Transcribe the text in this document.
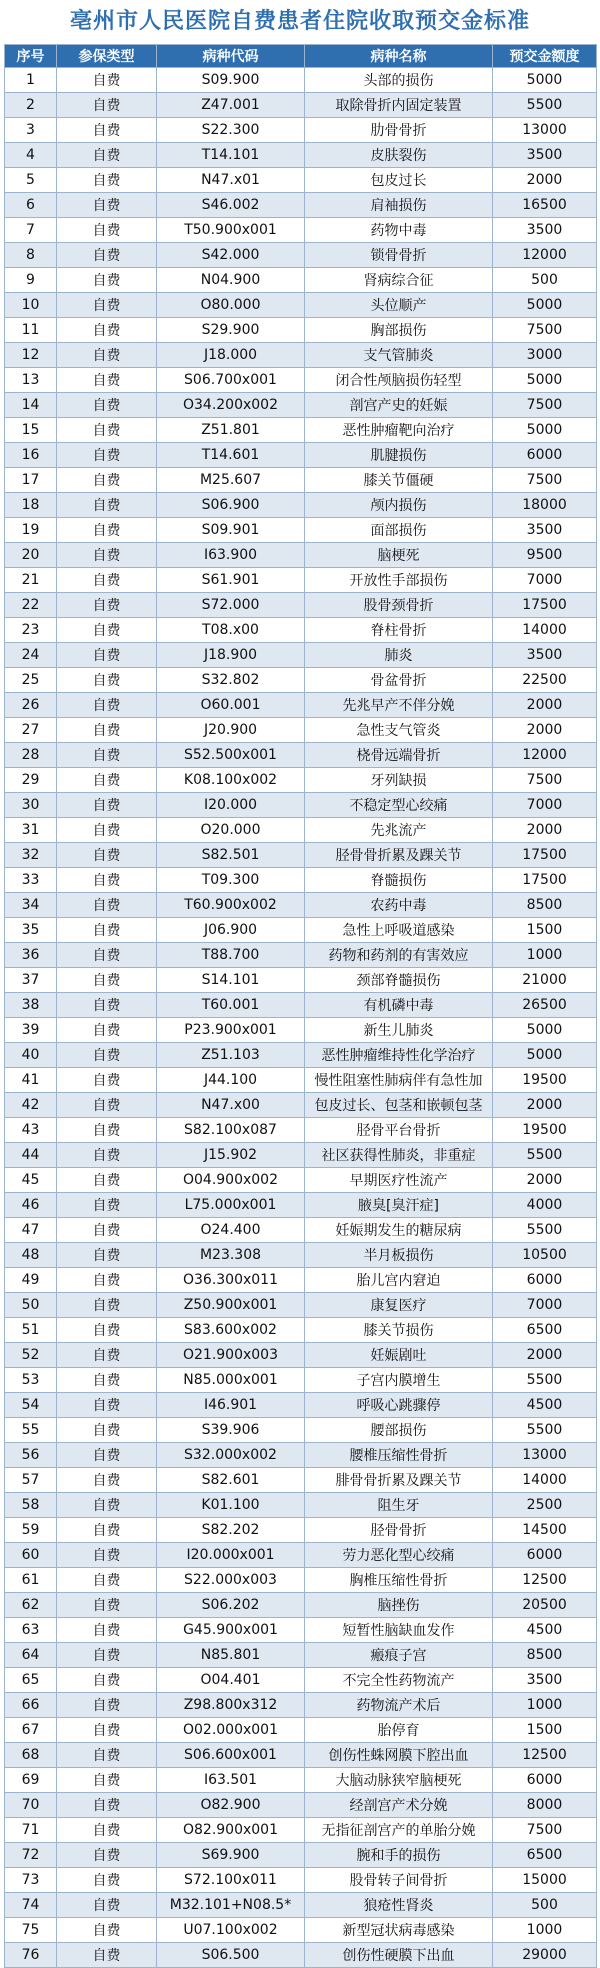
亳州市人民医院自费患者住院收取预交金标准
序号	参保类型	病种代码	病种名称	预交金额度
1	自费	S09.900	头部的损伤	5000
2	自费	Z47.001	取除骨折内固定装置	5500
3	自费	S22.300	肋骨骨折	13000
4	自费	T14.101	皮肤裂伤	3500
5	自费	N47.x01	包皮过长	2000
6	自费	S46.002	肩袖损伤	16500
7	自费	T50.900x001	药物中毒	3500
8	自费	S42.000	锁骨骨折	12000
9	自费	N04.900	肾病综合征	500
10	自费	O80.000	头位顺产	5000
11	自费	S29.900	胸部损伤	7500
12	自费	J18.000	支气管肺炎	3000
13	自费	S06.700x001	闭合性颅脑损伤轻型	5000
14	自费	O34.200x002	剖宫产史的妊娠	7500
15	自费	Z51.801	恶性肿瘤靶向治疗	5000
16	自费	T14.601	肌腱损伤	6000
17	自费	M25.607	膝关节僵硬	7500
18	自费	S06.900	颅内损伤	18000
19	自费	S09.901	面部损伤	3500
20	自费	I63.900	脑梗死	9500
21	自费	S61.901	开放性手部损伤	7000
22	自费	S72.000	股骨颈骨折	17500
23	自费	T08.x00	脊柱骨折	14000
24	自费	J18.900	肺炎	3500
25	自费	S32.802	骨盆骨折	22500
26	自费	O60.001	先兆早产不伴分娩	2000
27	自费	J20.900	急性支气管炎	2000
28	自费	S52.500x001	桡骨远端骨折	12000
29	自费	K08.100x002	牙列缺损	7500
30	自费	I20.000	不稳定型心绞痛	7000
31	自费	O20.000	先兆流产	2000
32	自费	S82.501	胫骨骨折累及踝关节	17500
33	自费	T09.300	脊髓损伤	17500
34	自费	T60.900x002	农药中毒	8500
35	自费	J06.900	急性上呼吸道感染	1500
36	自费	T88.700	药物和药剂的有害效应	1000
37	自费	S14.101	颈部脊髓损伤	21000
38	自费	T60.001	有机磷中毒	26500
39	自费	P23.900x001	新生儿肺炎	5000
40	自费	Z51.103	恶性肿瘤维持性化学治疗	5000
41	自费	J44.100	慢性阻塞性肺病伴有急性加	19500
42	自费	N47.x00	包皮过长、包茎和嵌顿包茎	2000
43	自费	S82.100x087	胫骨平台骨折	19500
44	自费	J15.902	社区获得性肺炎，非重症	5500
45	自费	O04.900x002	早期医疗性流产	2000
46	自费	L75.000x001	腋臭[臭汗症]	4000
47	自费	O24.400	妊娠期发生的糖尿病	5500
48	自费	M23.308	半月板损伤	10500
49	自费	O36.300x011	胎儿宫内窘迫	6000
50	自费	Z50.900x001	康复医疗	7000
51	自费	S83.600x002	膝关节损伤	6500
52	自费	O21.900x003	妊娠剧吐	2000
53	自费	N85.000x001	子宫内膜增生	5500
54	自费	I46.901	呼吸心跳骤停	4500
55	自费	S39.906	腰部损伤	5500
56	自费	S32.000x002	腰椎压缩性骨折	13000
57	自费	S82.601	腓骨骨折累及踝关节	14000
58	自费	K01.100	阻生牙	2500
59	自费	S82.202	胫骨骨折	14500
60	自费	I20.000x001	劳力恶化型心绞痛	6000
61	自费	S22.000x003	胸椎压缩性骨折	12500
62	自费	S06.202	脑挫伤	20500
63	自费	G45.900x001	短暂性脑缺血发作	4500
64	自费	N85.801	瘢痕子宫	8500
65	自费	O04.401	不完全性药物流产	3500
66	自费	Z98.800x312	药物流产术后	1000
67	自费	O02.000x001	胎停育	1500
68	自费	S06.600x001	创伤性蛛网膜下腔出血	12500
69	自费	I63.501	大脑动脉狭窄脑梗死	6000
70	自费	O82.900	经剖宫产术分娩	8000
71	自费	O82.900x001	无指征剖宫产的单胎分娩	7500
72	自费	S69.900	腕和手的损伤	6500
73	自费	S72.100x011	股骨转子间骨折	15000
74	自费	M32.101+N08.5*	狼疮性肾炎	500
75	自费	U07.100x002	新型冠状病毒感染	1000
76	自费	S06.500	创伤性硬膜下出血	29000
